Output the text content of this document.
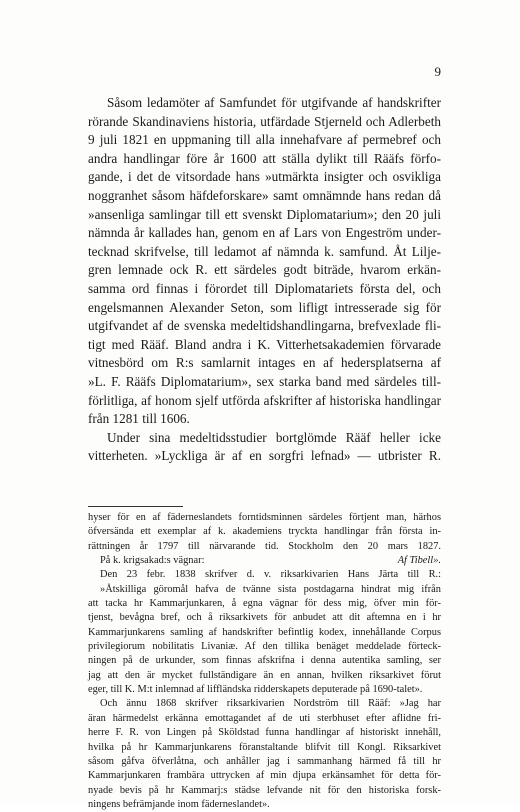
9
Såsom ledamöter af Samfundet för utgifvande af handskrifter
rörande Skandinaviens historia, utfärdade Stjerneld och Adlerbeth
9 juli 1821 en uppmaning till alla innehafvare af permebref och
andra handlingar före år 1600 att ställa dylikt till Rääfs förfo-
gande, i det de vitsordade hans »utmärkta insigter och osvikliga
noggranhet såsom häfdeforskare» samt omnämnde hans redan då
»ansenliga samlingar till ett svenskt Diplomatarium»; den 20 juli
nämnda år kallades han, genom en af Lars von Engeström under-
tecknad skrifvelse, till ledamot af nämnda k. samfund. Åt Lilje-
gren lemnade ock R. ett särdeles godt biträde, hvarom erkän-
samma ord finnas i förordet till Diplomatariets första del, och
engelsmannen Alexander Seton, som lifligt intresserade sig för
utgifvandet af de svenska medeltidshandlingarna, brefvexlade fli-
tigt med Rääf. Bland andra i K. Vitterhetsakademien förvarade
vitnesbörd om R:s samlarnit intages en af hedersplatserna af
»L. F. Rääfs Diplomatarium», sex starka band med särdeles till-
förlitliga, af honom sjelf utförda afskrifter af historiska handlingar
från 1281 till 1606.
Under sina medeltidsstudier bortglömde Rääf heller icke
vitterheten. »Lyckliga är af en sorgfri lefnad» — utbrister R.
hyser för en af fäderneslandets forntidsminnen särdeles förtjent man, härhos
öfversända ett exemplar af k. akademiens tryckta handlingar från första in-
rättningen år 1797 till närvarande tid. Stockholm den 20 mars 1827.
På k. krigsakad:s vägnar:	Af Tibell».
Den 23 febr. 1838 skrifver d. v. riksarkivarien Hans Järta till R.:
»Åtskilliga göromål hafva de tvänne sista postdagarna hindrat mig ifrån
att tacka hr Kammarjunkaren, å egna vägnar för dess mig, öfver min för-
tjenst, bevågna bref, och å riksarkivets för anbudet att dit aftemna en i hr
Kammarjunkarens samling af handskrifter befintlig kodex, innehållande Corpus
privilegiorum nobilitatis Livaniæ. Af den tillika benäget meddelade förteck-
ningen på de urkunder, som finnas afskrifna i denna autentika samling, ser
jag att den är mycket fullständigare än en annan, hvilken riksarkivet förut
eger, till K. M:t inlemnad af liffländska ridderskapets deputerade på 1690-talet».
Och ännu 1868 skrifver riksarkivarien Nordström till Rääf: »Jag har
äran härmedelst erkänna emottagandet af de uti sterbhuset efter aflidne fri-
herre F. R. von Lingen på Sköldstad funna handlingar af historiskt innehåll,
hvilka på hr Kammarjunkarens föranstaltande blifvit till Kongl. Riksarkivet
såsom gåfva öfverlåtna, och anhåller jag i sammanhang härmed få till hr
Kammarjunkaren frambära uttrycken af min djupa erkänsamhet för detta för-
nyade bevis på hr Kammarj:s städse lefvande nit för den historiska forsk-
ningens befrämjande inom fäderneslandet».
